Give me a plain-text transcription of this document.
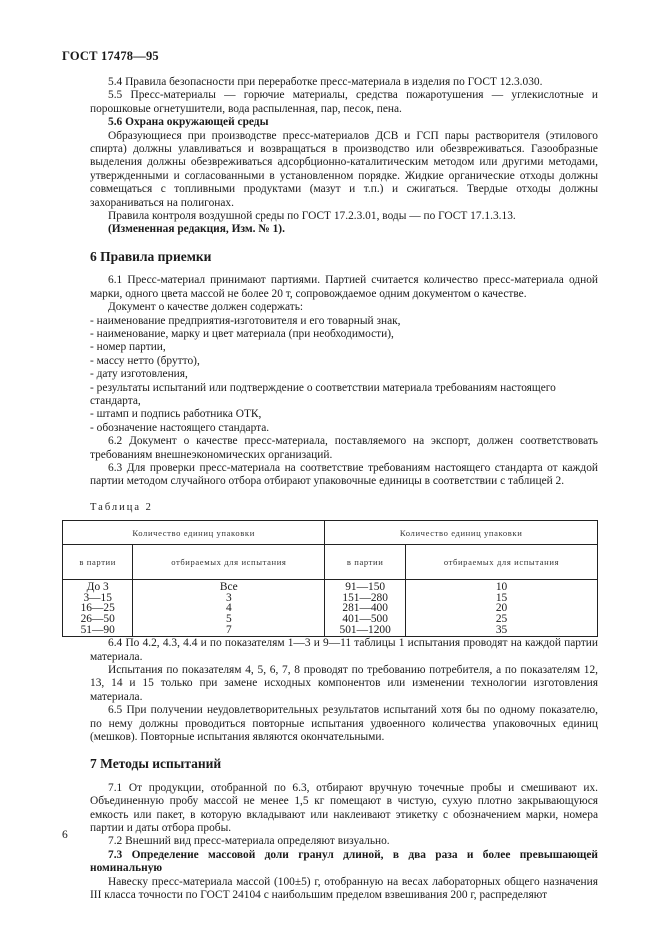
ГОСТ 17478—95

5.4 Правила безопасности при переработке пресс-материала в изделия по ГОСТ 12.3.030.

5.5 Пресс-материалы — горючие материалы, средства пожаротушения — углекислотные и порошковые огнетушители, вода распыленная, пар, песок, пена.

5.6 Охрана окружающей среды

Образующиеся при производстве пресс-материалов ДСВ и ГСП пары растворителя (этилового спирта) должны улавливаться и возвращаться в производство или обезвреживаться. Газообразные выделения должны обезвреживаться адсорбционно-каталитическим методом или другими методами, утвержденными и согласованными в установленном порядке. Жидкие органические отходы должны совмещаться с топливными продуктами (мазут и т.п.) и сжигаться. Твердые отходы должны захораниваться на полигонах.

Правила контроля воздушной среды по ГОСТ 17.2.3.01, воды — по ГОСТ 17.1.3.13.

(Измененная редакция, Изм. № 1).

6 Правила приемки

6.1 Пресс-материал принимают партиями. Партией считается количество пресс-материала одной марки, одного цвета массой не более 20 т, сопровождаемое одним документом о качестве.

Документ о качестве должен содержать:

- наименование предприятия-изготовителя и его товарный знак,

- наименование, марку и цвет материала (при необходимости),

- номер партии,

- массу нетто (брутто),

- дату изготовления,

- результаты испытаний или подтверждение о соответствии материала требованиям настоящего стандарта,

- штамп и подпись работника ОТК,

- обозначение настоящего стандарта.

6.2 Документ о качестве пресс-материала, поставляемого на экспорт, должен соответствовать требованиям внешнеэкономических организаций.

6.3 Для проверки пресс-материала на соответствие требованиям настоящего стандарта от каждой партии методом случайного отбора отбирают упаковочные единицы в соответствии с таблицей 2.

Таблица 2
Количество единиц упаковки		Количество единиц упаковки	
в партии	отбираемых для испытания	в партии	отбираемых для испытания
До 3	Все	91—150	10
3—15	3	151—280	15
16—25	4	281—400	20
26—50	5	401—500	25
51—90	7	501—1200	35

6.4 По 4.2, 4.3, 4.4 и по показателям 1—3 и 9—11 таблицы 1 испытания проводят на каждой партии материала.

Испытания по показателям 4, 5, 6, 7, 8 проводят по требованию потребителя, а по показателям 12, 13, 14 и 15 только при замене исходных компонентов или изменении технологии изготовления материала.

6.5 При получении неудовлетворительных результатов испытаний хотя бы по одному показателю, по нему должны проводиться повторные испытания удвоенного количества упаковочных единиц (мешков). Повторные испытания являются окончательными.

7 Методы испытаний

7.1 От продукции, отобранной по 6.3, отбирают вручную точечные пробы и смешивают их. Объединенную пробу массой не менее 1,5 кг помещают в чистую, сухую плотно закрывающуюся емкость или пакет, в которую вкладывают или наклеивают этикетку с обозначением марки, номера партии и даты отбора пробы.

7.2 Внешний вид пресс-материала определяют визуально.

7.3 Определение массовой доли гранул длиной, в два раза и более превышающей номинальную

Навеску пресс-материала массой (100±5) г, отобранную на весах лабораторных общего назначения III класса точности по ГОСТ 24104 с наибольшим пределом взвешивания 200 г, распределяют

6
